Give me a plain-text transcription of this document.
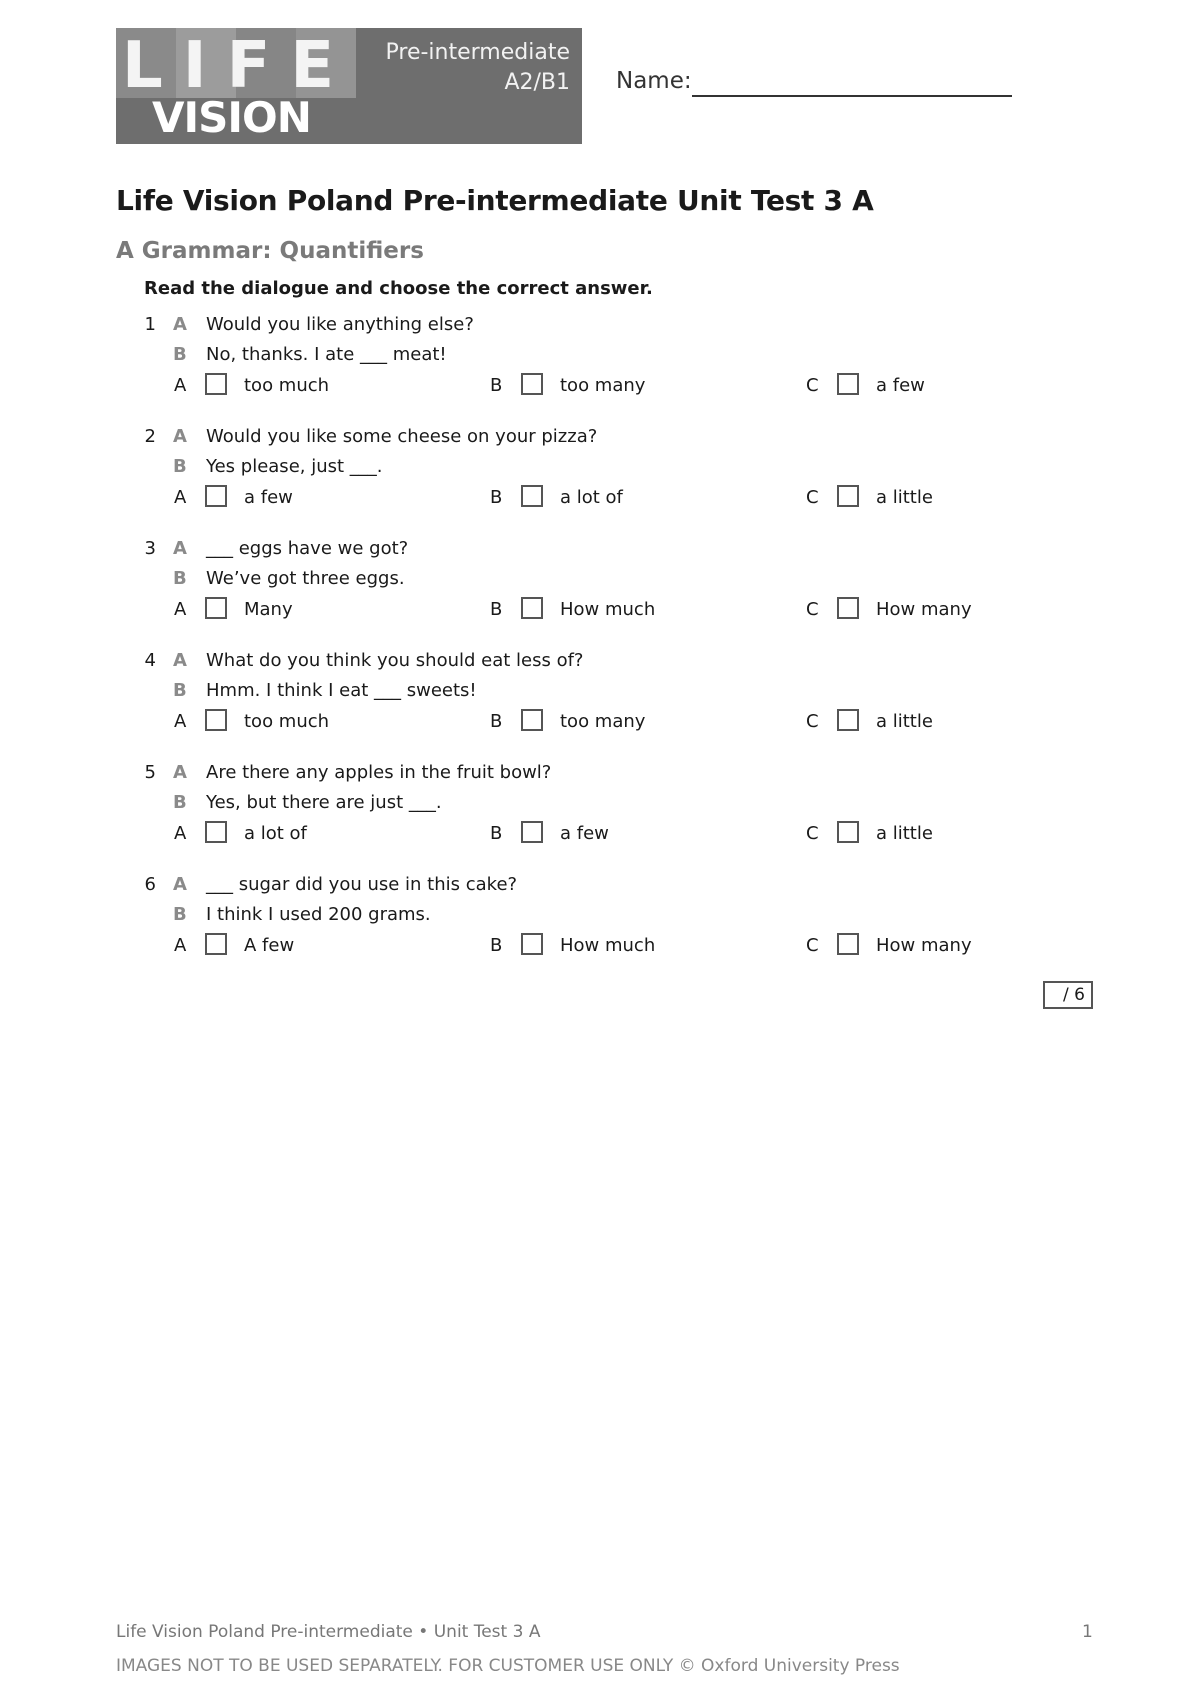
LIFE
VISION
Pre-intermediate
A2/B1 Name:
Life Vision Poland Pre-intermediate Unit Test 3 A
A Grammar: Quantifiers
Read the dialogue and choose the correct answer.
1 A Would you like anything else?
B No, thanks. I ate ___ meat!
A	too much	B	too many	C	a few
2 A Would you like some cheese on your pizza?
B Yes please, just ___.
A	a few	B	a lot of	C	a little
3 A ___ eggs have we got?
B We’ve got three eggs.
A	Many	B	How much	C	How many
4 A What do you think you should eat less of?
B Hmm. I think I eat ___ sweets!
A	too much	B	too many	C	a little
5 A Are there any apples in the fruit bowl?
B Yes, but there are just ___.
A	a lot of	B	a few	C	a little
6 A ___ sugar did you use in this cake?
B I think I used 200 grams.
A	A few	B	How much	C	How many
/ 6
Life Vision Poland Pre-intermediate • Unit Test 3 A	1
IMAGES NOT TO BE USED SEPARATELY. FOR CUSTOMER USE ONLY © Oxford University Press
